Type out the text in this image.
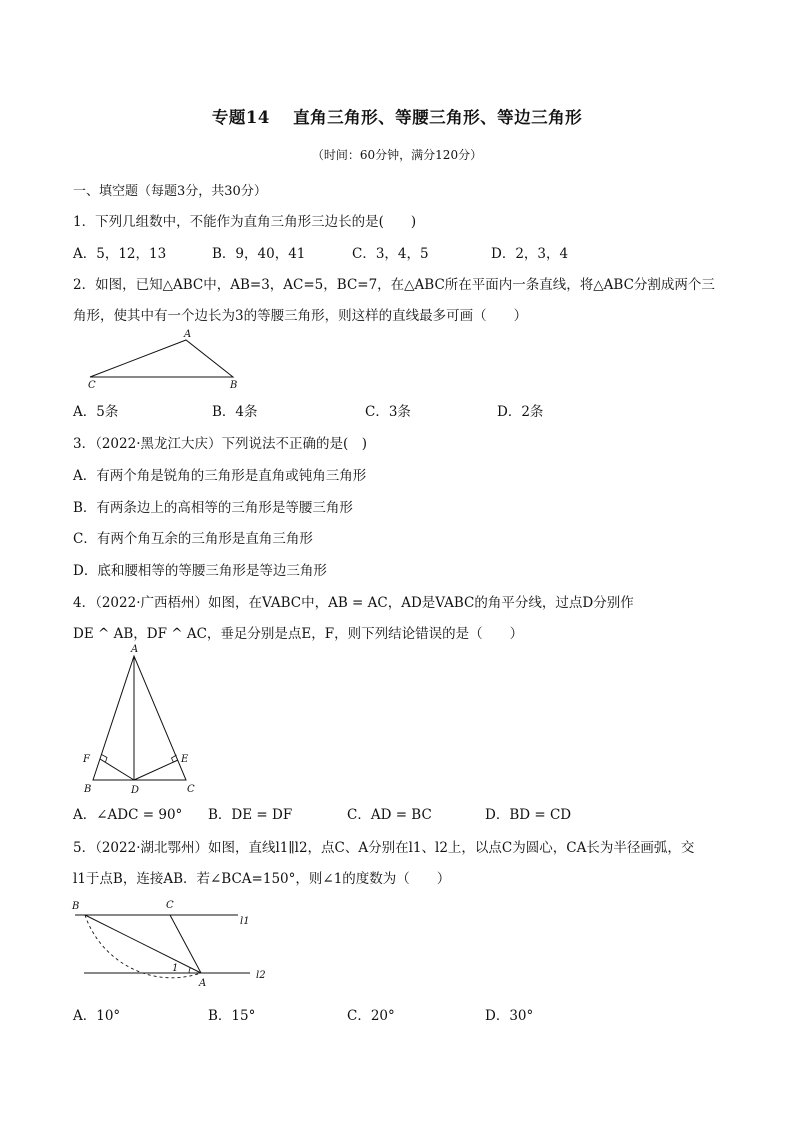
专题14　 直角三角形、等腰三角形、等边三角形
（时间：60分钟，满分120分）
一、填空题（每题3分，共30分）
1．下列几组数中，不能作为直角三角形三边长的是(　　)
A．5，12，13	B．9，40，41	C．3，4，5	D．2，3，4
2．如图，已知△ABC中，AB=3，AC=5，BC=7，在△ABC所在平面内一条直线，将△ABC分割成两个三
角形，使其中有一个边长为3的等腰三角形，则这样的直线最多可画（　　）
A
C	B
A．5条	B．4条	C．3条	D．2条
3．（2022·黑龙江大庆）下列说法不正确的是(　)
A．有两个角是锐角的三角形是直角或钝角三角形
B．有两条边上的高相等的三角形是等腰三角形
C．有两个角互余的三角形是直角三角形
D．底和腰相等的等腰三角形是等边三角形
4．（2022·广西梧州）如图，在VABC中，AB = AC，AD是VABC的角平分线，过点D分别作
DE ^ AB，DF ^ AC，垂足分别是点E，F，则下列结论错误的是（　　）
A
F	E
B	D	C
A．∠ADC = 90° B．DE = DF	C．AD = BC	D．BD = CD
5．（2022·湖北鄂州）如图，直线l1∥l2，点C、A分别在l1、l2上，以点C为圆心，CA长为半径画弧，交
l1于点B，连接AB．若∠BCA=150°，则∠1的度数为（　　）
B	C
l1
1
A
l2
A．10°	B．15°	C．20°	D．30°
